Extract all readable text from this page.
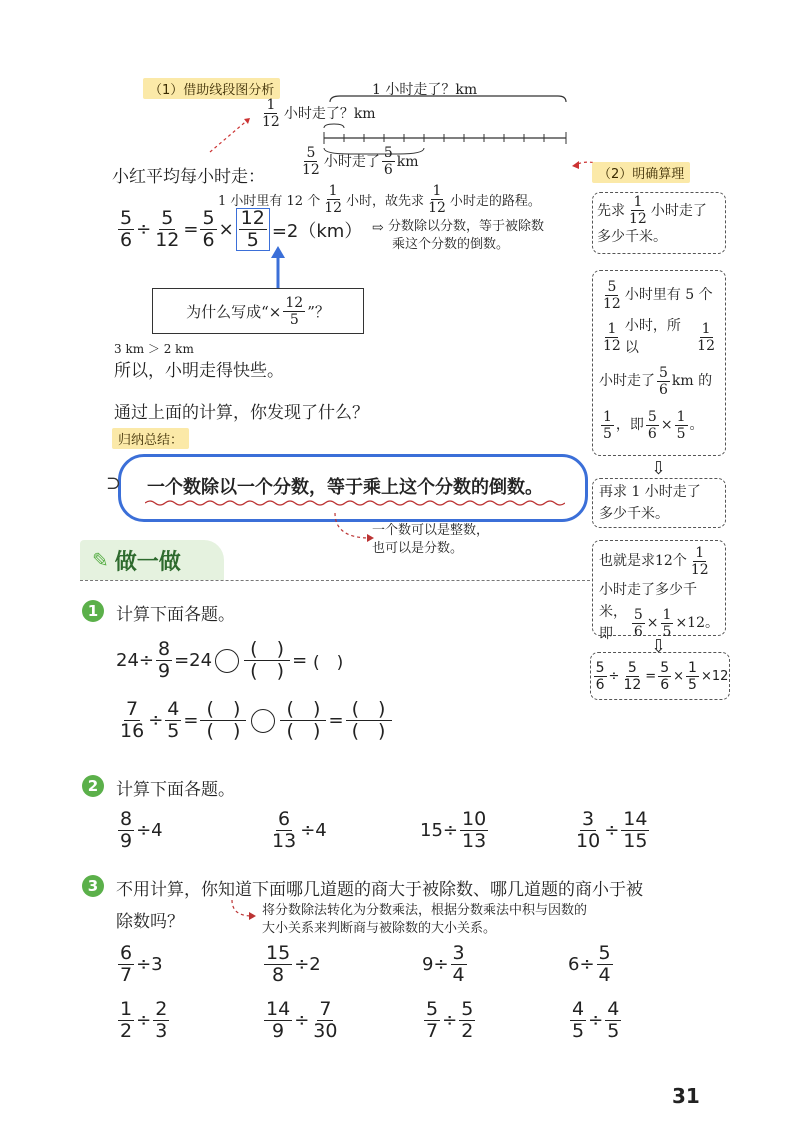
（1）借助线段图分析	1 小时走了？km
$\frac{1}{12}$ 小时走了？km
$\frac{5}{12}$ 小时走了 $\frac{5}{6}$ km
小红平均每小时走：
1 小时里有 12 个 $\frac{1}{12}$ 小时，故先求 $\frac{1}{12}$ 小时走的路程。
$\frac{5}{6} \div \frac{5}{12} = \frac{5}{6} \times \frac{12}{5} =2(km)$ ⇨ 分数除以分数，等于被除数
乘这个分数的倒数。
为什么写成“× $\frac{12}{5}$ ”？
3 km ＞ 2 km
所以，小明走得快些。
通过上面的计算，你发现了什么？
归纳总结：
一个数除以一个分数，等于乘上这个分数的倒数。
⊃
一个数可以是整数，
也可以是分数。
（2）明确算理
先求 $\frac{1}{12}$ 小时走了
多少千米。
$\frac{5}{12}$ 小时里有 5 个
$\frac{1}{12}$ 小时，所以	$\frac{1}{12}$
小时走了 $\frac{5}{6}$ km 的
$\frac{1}{5}$ ，即 $\frac{5}{6} \times \frac{1}{5}$ 。
⇩
再求 1 小时走了
多少千米。
也就是求12个 $\frac{1}{12}$
小时走了多少千
米，即	$\frac{5}{6} \times \frac{1}{5} \times 12$。
⇩
$\frac{5}{6} \div \frac{5}{12} = \frac{5}{6} \times \frac{1}{5} \times 12$
✎ 做一做
1	计算下面各题。
$24\div \frac{8}{9} =24 \frac{( )}{( )}$ = (　)
$\frac{7}{16} \div \frac{4}{5} = \frac{( )}{( )} \frac{( )}{( )} = \frac{( )}{( )}$
2	计算下面各题。
$\frac{8}{9} \div 4$	$\frac{6}{13} \div 4$	$15\div \frac{10}{13}$	$\frac{3}{10} \div \frac{14}{15}$
3	不用计算，你知道下面哪几道题的商大于被除数、哪几道题的商小于被
除数吗？
将分数除法转化为分数乘法，根据分数乘法中积与因数的
大小关系来判断商与被除数的大小关系。
$\frac{6}{7} \div 3$	$\frac{15}{8} \div 2$	$9\div \frac{3}{4}$	$6\div \frac{5}{4}$
$\frac{1}{2} \div \frac{2}{3}$	$\frac{14}{9} \div \frac{7}{30}$	$\frac{5}{7} \div \frac{5}{2}$	$\frac{4}{5} \div \frac{4}{5}$
31
